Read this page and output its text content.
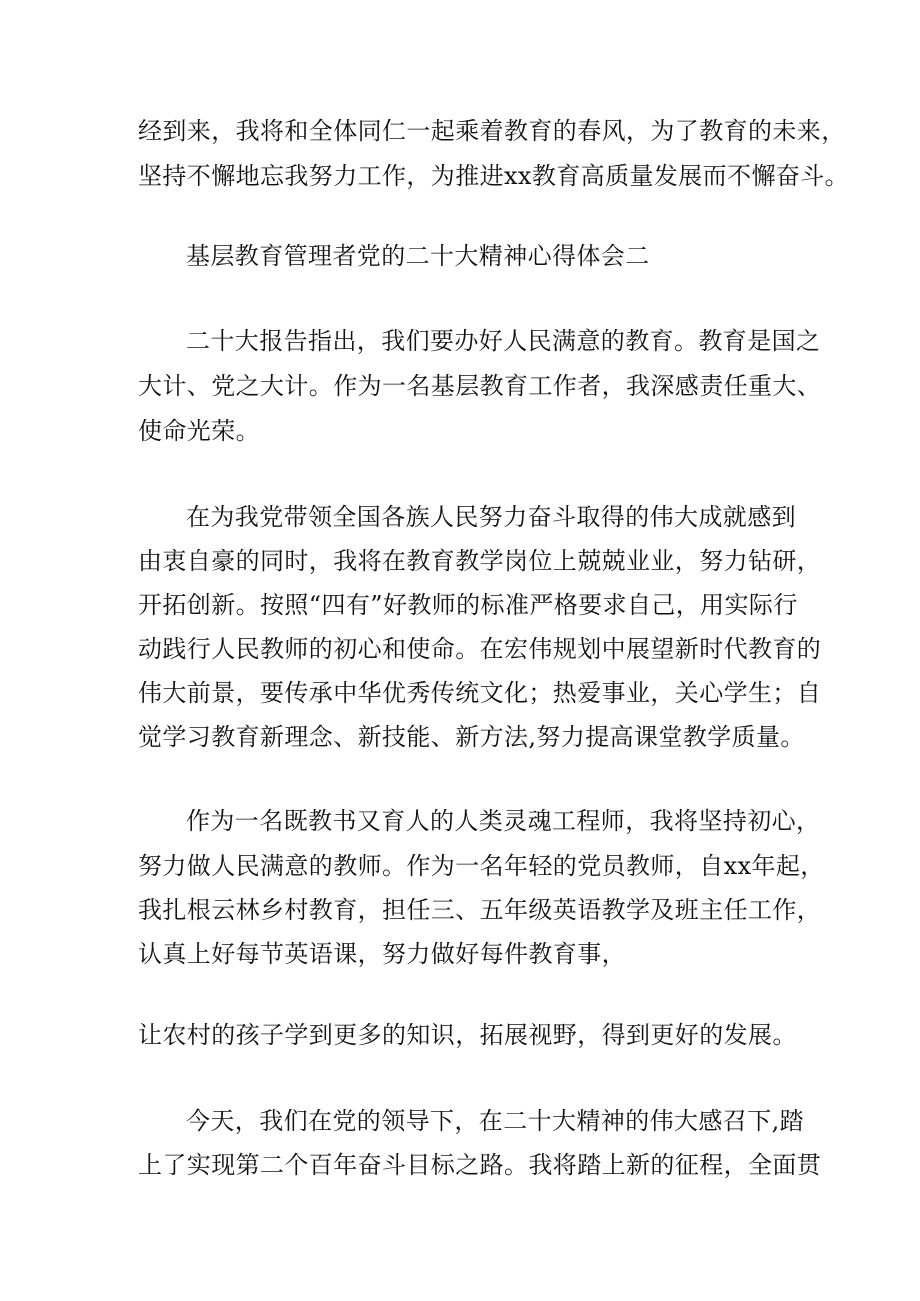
经到来，我将和全体同仁一起乘着教育的春风，为了教育的未来，

坚持不懈地忘我努力工作，为推进xx教育高质量发展而不懈奋斗。

基层教育管理者党的二十大精神心得体会二

二十大报告指出，我们要办好人民满意的教育。教育是国之

大计、党之大计。作为一名基层教育工作者，我深感责任重大、

使命光荣。

在为我党带领全国各族人民努力奋斗取得的伟大成就感到

由衷自豪的同时，我将在教育教学岗位上兢兢业业，努力钻研，

开拓创新。按照“四有”好教师的标准严格要求自己，用实际行

动践行人民教师的初心和使命。在宏伟规划中展望新时代教育的

伟大前景，要传承中华优秀传统文化；热爱事业，关心学生；自

觉学习教育新理念、新技能、新方法,努力提高课堂教学质量。

作为一名既教书又育人的人类灵魂工程师，我将坚持初心，

努力做人民满意的教师。作为一名年轻的党员教师，自xx年起，

我扎根云林乡村教育，担任三、五年级英语教学及班主任工作，

认真上好每节英语课，努力做好每件教育事，

让农村的孩子学到更多的知识，拓展视野，得到更好的发展。

今天，我们在党的领导下，在二十大精神的伟大感召下,踏

上了实现第二个百年奋斗目标之路。我将踏上新的征程，全面贯
